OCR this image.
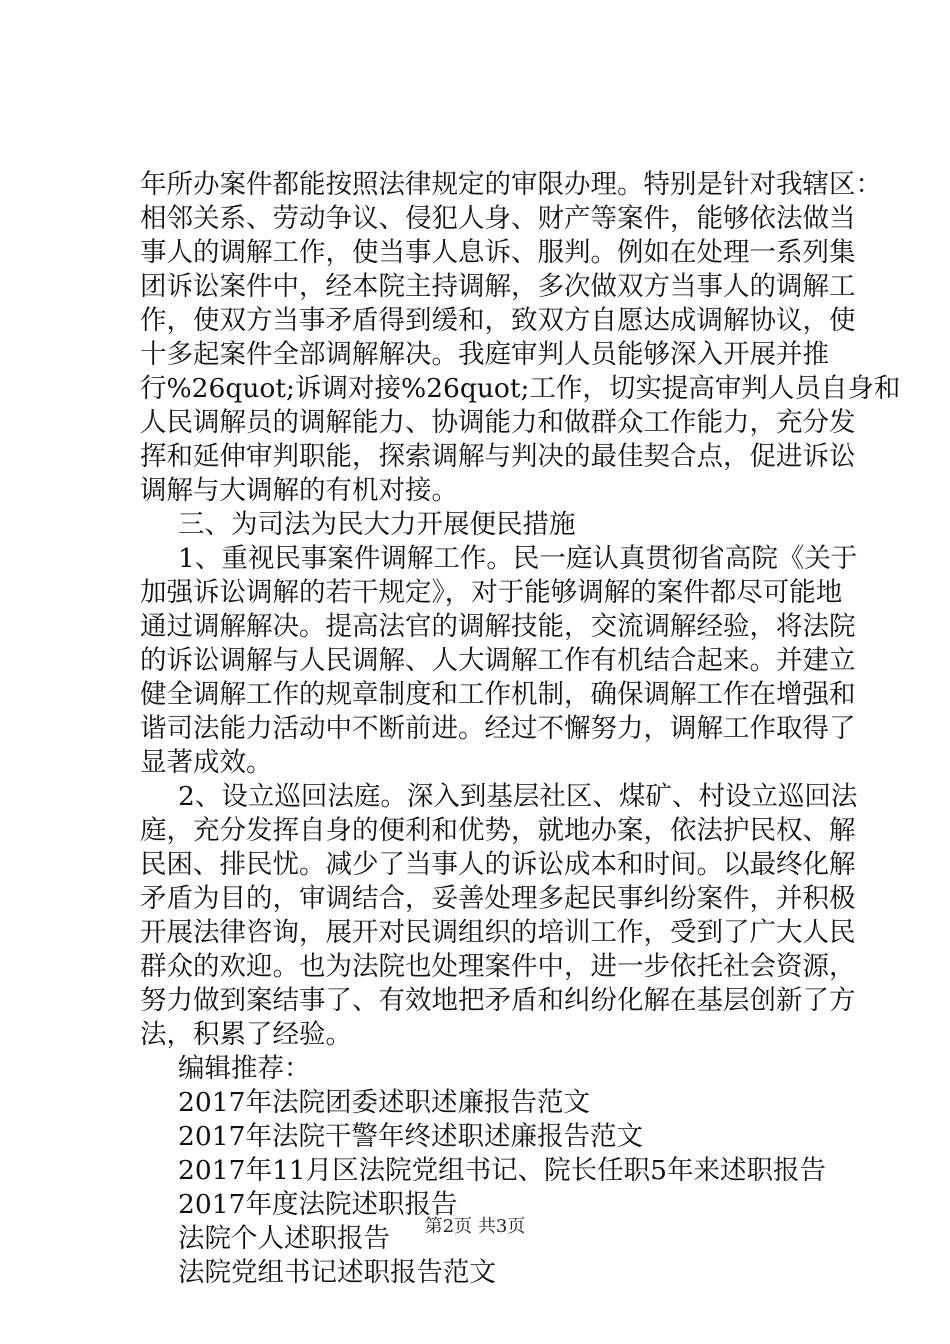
年所办案件都能按照法律规定的审限办理。特别是针对我辖区：
相邻关系、劳动争议、侵犯人身、财产等案件，能够依法做当
事人的调解工作，使当事人息诉、服判。例如在处理一系列集
团诉讼案件中，经本院主持调解，多次做双方当事人的调解工
作，使双方当事矛盾得到缓和，致双方自愿达成调解协议，使
十多起案件全部调解解决。我庭审判人员能够深入开展并推
行%26quot;诉调对接%26quot;工作，切实提高审判人员自身和
人民调解员的调解能力、协调能力和做群众工作能力，充分发
挥和延伸审判职能，探索调解与判决的最佳契合点，促进诉讼
调解与大调解的有机对接。
三、为司法为民大力开展便民措施
1、重视民事案件调解工作。民一庭认真贯彻省高院《关于
加强诉讼调解的若干规定》，对于能够调解的案件都尽可能地
通过调解解决。提高法官的调解技能，交流调解经验，将法院
的诉讼调解与人民调解、人大调解工作有机结合起来。并建立
健全调解工作的规章制度和工作机制，确保调解工作在增强和
谐司法能力活动中不断前进。经过不懈努力，调解工作取得了
显著成效。
2、设立巡回法庭。深入到基层社区、煤矿、村设立巡回法
庭，充分发挥自身的便利和优势，就地办案，依法护民权、解
民困、排民忧。减少了当事人的诉讼成本和时间。以最终化解
矛盾为目的，审调结合，妥善处理多起民事纠纷案件，并积极
开展法律咨询，展开对民调组织的培训工作，受到了广大人民
群众的欢迎。也为法院也处理案件中，进一步依托社会资源，
努力做到案结事了、有效地把矛盾和纠纷化解在基层创新了方
法，积累了经验。
编辑推荐：
2017年法院团委述职述廉报告范文
2017年法院干警年终述职述廉报告范文
2017年11月区法院党组书记、院长任职5年来述职报告
2017年度法院述职报告
法院个人述职报告
法院党组书记述职报告范文
第2页 共3页
